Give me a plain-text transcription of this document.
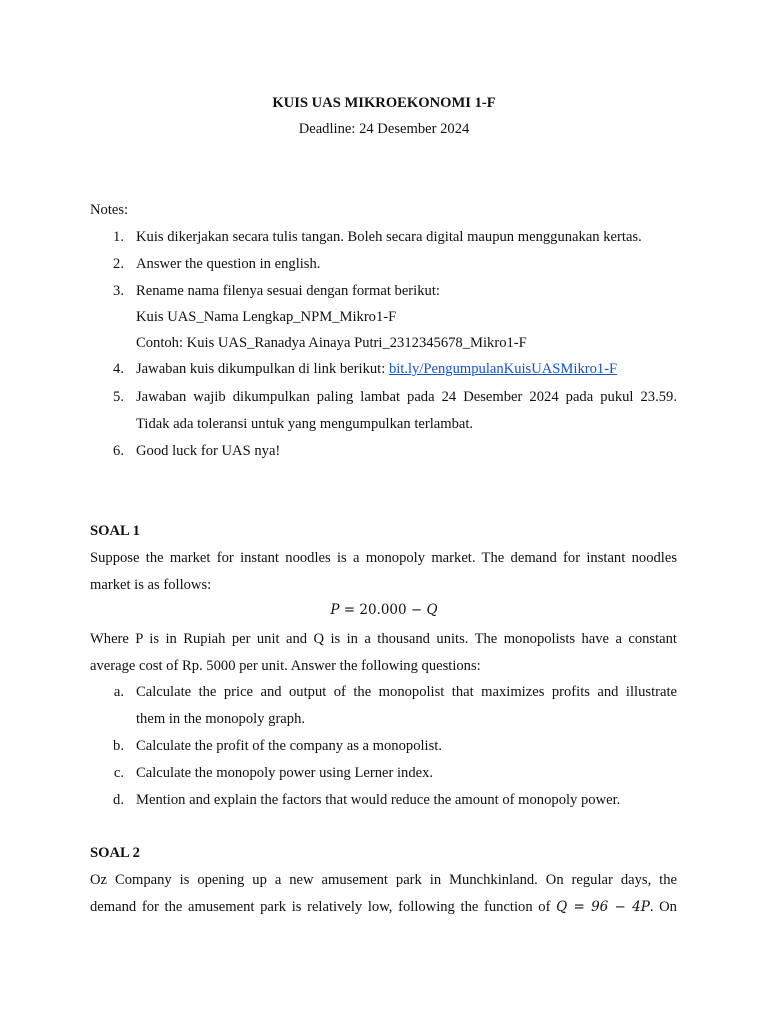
KUIS UAS MIKROEKONOMI 1-F
Deadline: 24 Desember 2024
Notes:
1. Kuis dikerjakan secara tulis tangan. Boleh secara digital maupun menggunakan kertas.
2. Answer the question in english.
3. Rename nama filenya sesuai dengan format berikut:
Kuis UAS_Nama Lengkap_NPM_Mikro1-F
Contoh: Kuis UAS_Ranadya Ainaya Putri_2312345678_Mikro1-F
4. Jawaban kuis dikumpulkan di link berikut: bit.ly/PengumpulanKuisUASMikro1-F
5. Jawaban wajib dikumpulkan paling lambat pada 24 Desember 2024 pada pukul 23.59.
Tidak ada toleransi untuk yang mengumpulkan terlambat.
6. Good luck for UAS nya!
SOAL 1
Suppose the market for instant noodles is a monopoly market. The demand for instant noodles
market is as follows:
P = 20.000 − Q
Where P is in Rupiah per unit and Q is in a thousand units. The monopolists have a constant
average cost of Rp. 5000 per unit. Answer the following questions:
a. Calculate the price and output of the monopolist that maximizes profits and illustrate
them in the monopoly graph.
b. Calculate the profit of the company as a monopolist.
c. Calculate the monopoly power using Lerner index.
d. Mention and explain the factors that would reduce the amount of monopoly power.
SOAL 2
Oz Company is opening up a new amusement park in Munchkinland. On regular days, the
demand for the amusement park is relatively low, following the function of Q = 96 − 4P. On
